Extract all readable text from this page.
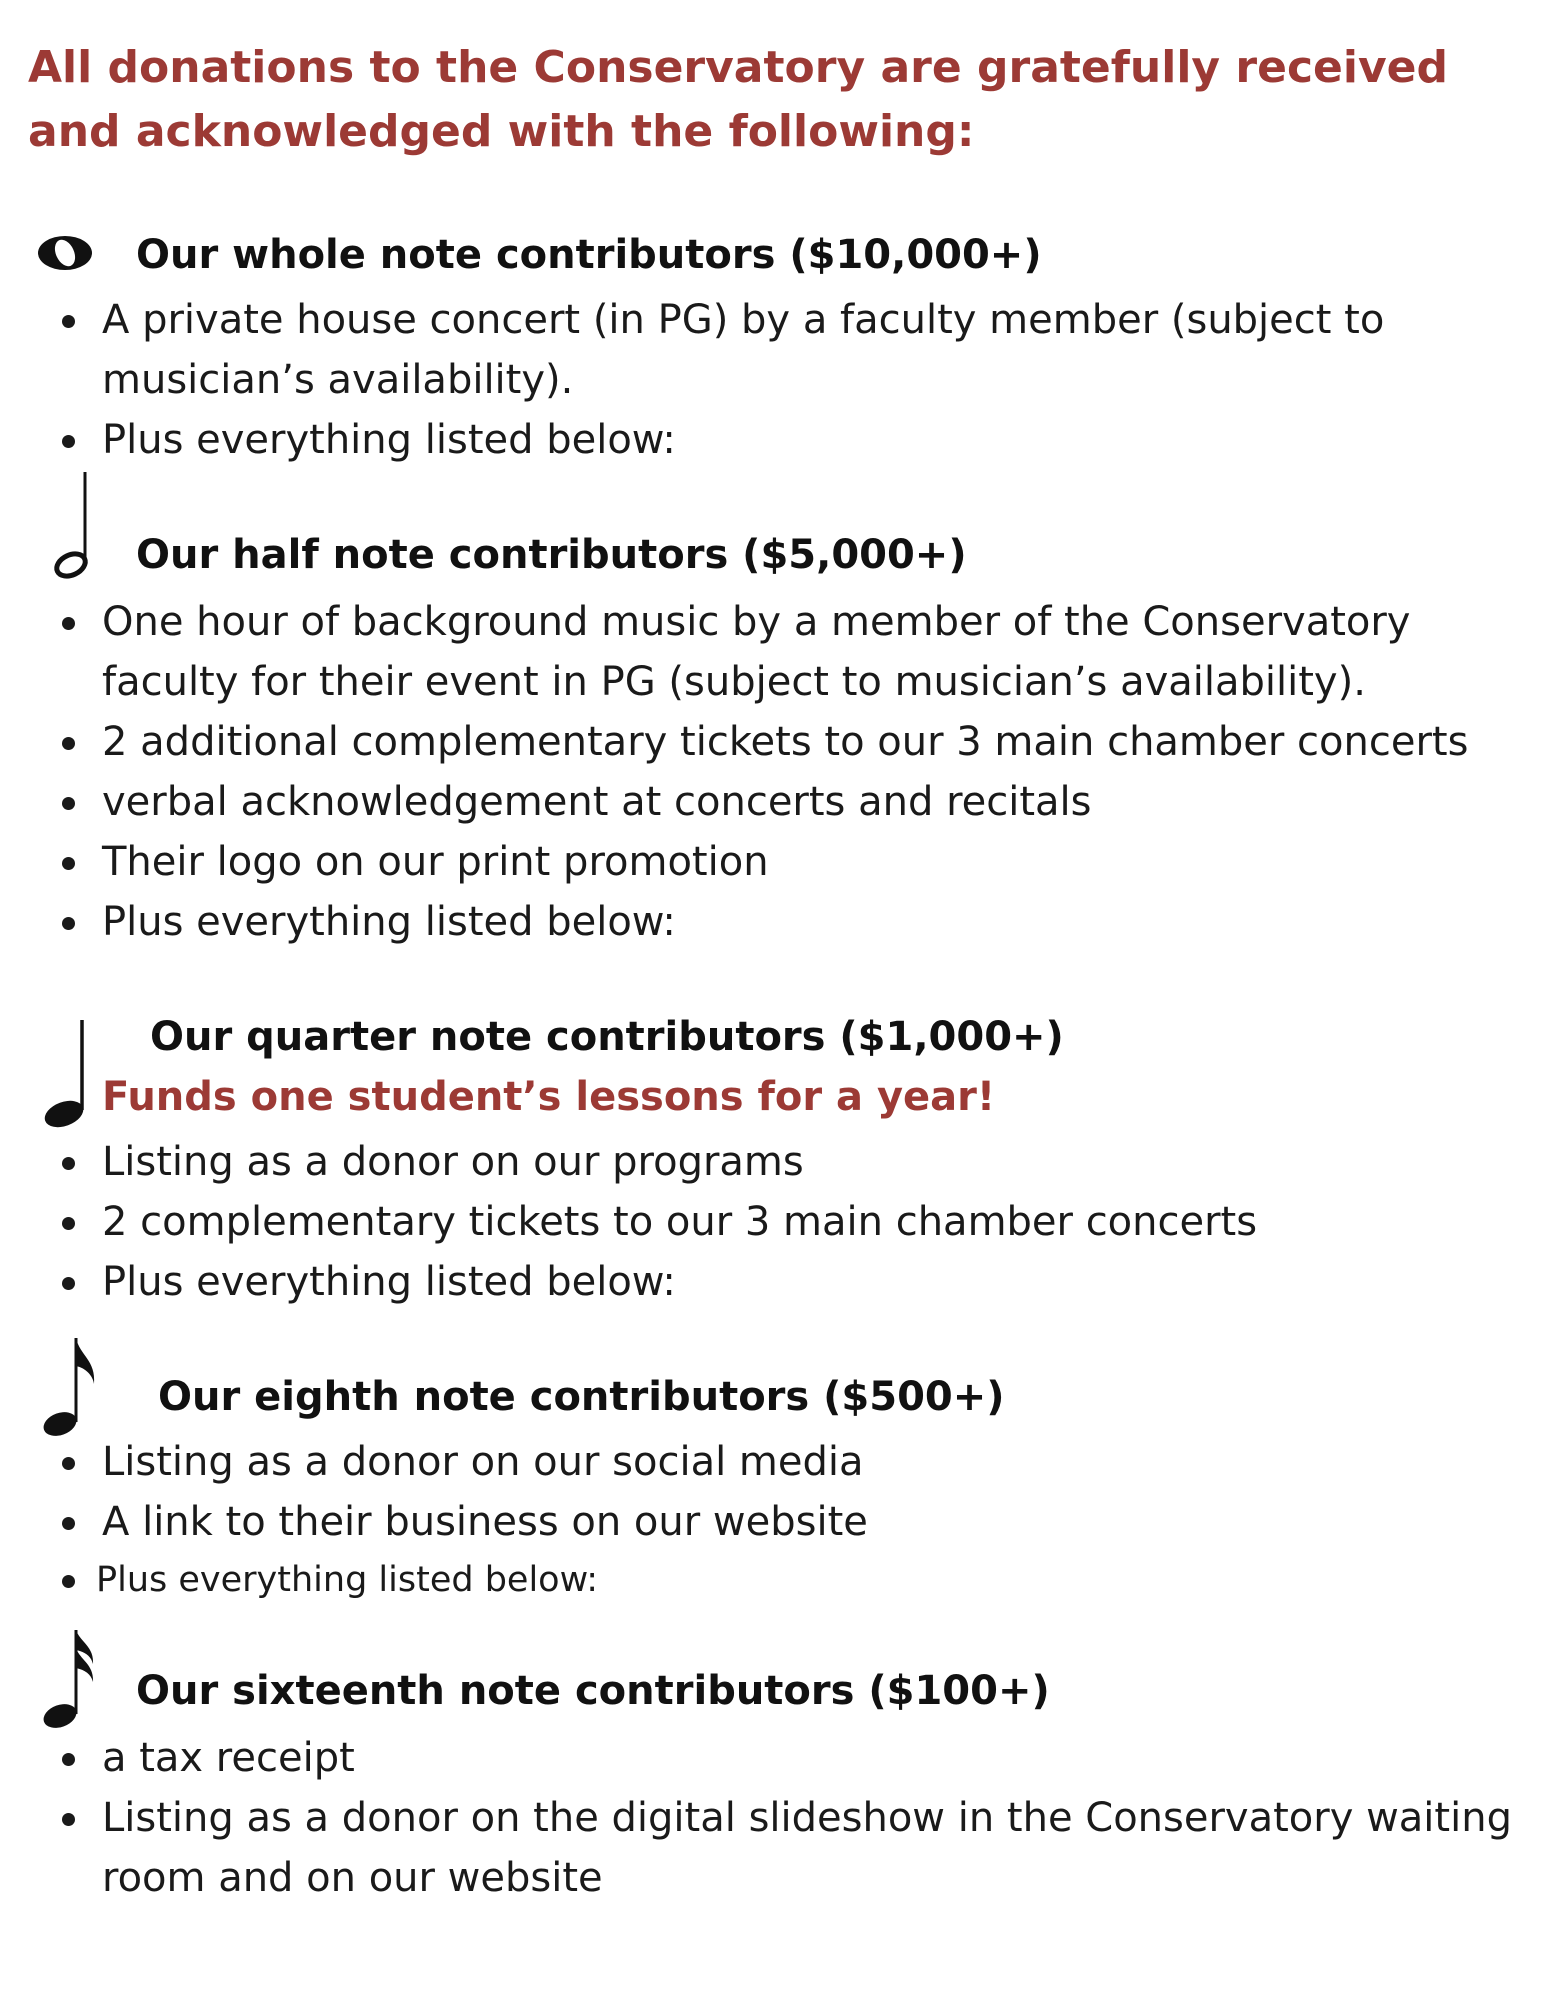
All donations to the Conservatory are gratefully received and acknowledged with the following:

Our whole note contributors ($10,000+)
A private house concert (in PG) by a faculty member (subject to musician’s availability).
Plus everything listed below:
Our half note contributors ($5,000+)
One hour of background music by a member of the Conservatory faculty for their event in PG (subject to musician’s availability).
2 additional complementary tickets to our 3 main chamber concerts
verbal acknowledgement at concerts and recitals
Their logo on our print promotion
Plus everything listed below:
Our quarter note contributors ($1,000+)
Funds one student’s lessons for a year!
Listing as a donor on our programs
2 complementary tickets to our 3 main chamber concerts
Plus everything listed below:
Our eighth note contributors ($500+)
Listing as a donor on our social media
A link to their business on our website
Plus everything listed below:
Our sixteenth note contributors ($100+)
a tax receipt
Listing as a donor on the digital slideshow in the Conservatory waiting room and on our website
